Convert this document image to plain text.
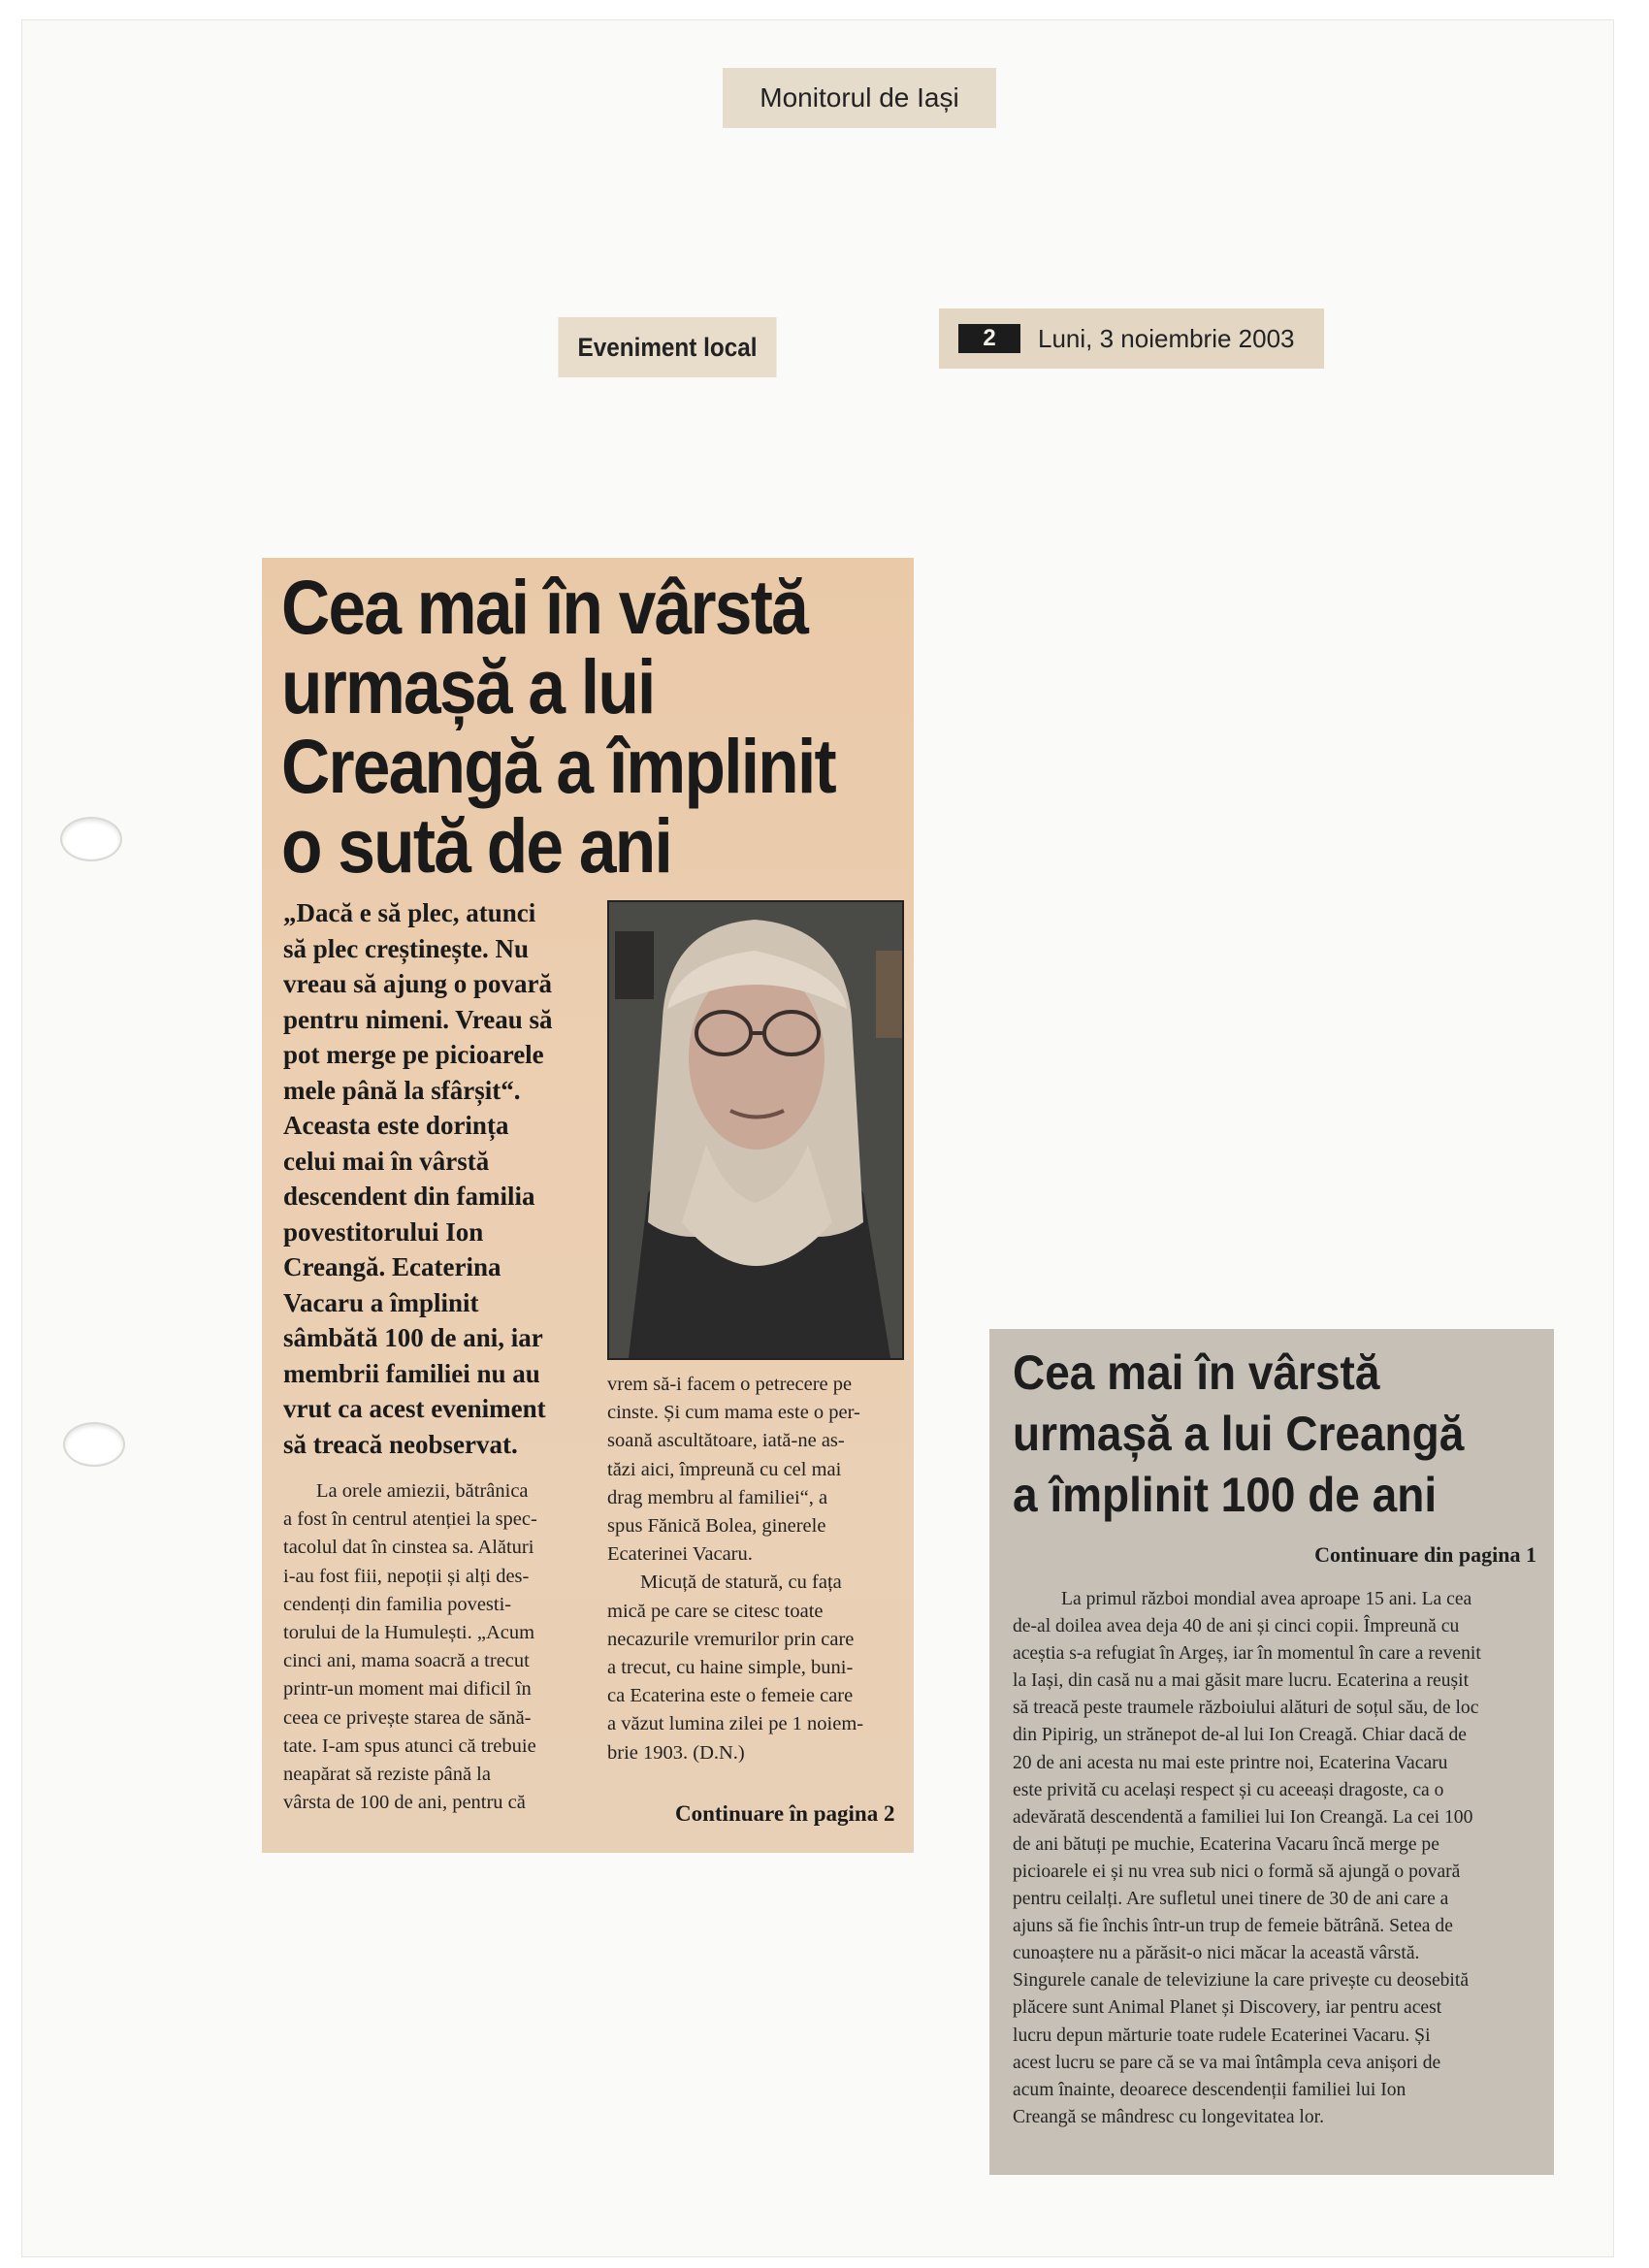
Monitorul de Iași
Eveniment local	2	Luni, 3 noiembrie 2003
Cea mai în vârstă
urmașă a lui
Creangă a împlinit
o sută de ani
„Dacă e să plec, atunci
să plec creștinește. Nu
vreau să ajung o povară
pentru nimeni. Vreau să
pot merge pe picioarele
mele până la sfârșit“.
Aceasta este dorința
celui mai în vârstă
descendent din familia
povestitorului Ion
Creangă. Ecaterina
Vacaru a împlinit
sâmbătă 100 de ani, iar
membrii familiei nu au
vrut ca acest eveniment
să treacă neobservat.
La orele amiezii, bătrânica
a fost în centrul atenției la spec-
tacolul dat în cinstea sa. Alături
i-au fost fiii, nepoții și alți des-
cendenți din familia povesti-
torului de la Humulești. „Acum
cinci ani, mama soacră a trecut
printr-un moment mai dificil în
ceea ce privește starea de sănă-
tate. I-am spus atunci că trebuie
neapărat să reziste până la
vârsta de 100 de ani, pentru că
vrem să-i facem o petrecere pe
cinste. Și cum mama este o per-
soană ascultătoare, iată-ne as-
tăzi aici, împreună cu cel mai
drag membru al familiei“, a
spus Fănică Bolea, ginerele
Ecaterinei Vacaru.
Micuță de statură, cu fața
mică pe care se citesc toate
necazurile vremurilor prin care
a trecut, cu haine simple, buni-
ca Ecaterina este o femeie care
a văzut lumina zilei pe 1 noiem-
brie 1903. (D.N.)
Continuare în pagina 2
Cea mai în vârstă
urmașă a lui Creangă
a împlinit 100 de ani
Continuare din pagina 1
La primul război mondial avea aproape 15 ani. La cea
de-al doilea avea deja 40 de ani și cinci copii. Împreună cu
aceștia s-a refugiat în Argeș, iar în momentul în care a revenit
la Iași, din casă nu a mai găsit mare lucru. Ecaterina a reușit
să treacă peste traumele războiului alături de soțul său, de loc
din Pipirig, un strănepot de-al lui Ion Creagă. Chiar dacă de
20 de ani acesta nu mai este printre noi, Ecaterina Vacaru
este privită cu același respect și cu aceeași dragoste, ca o
adevărată descendentă a familiei lui Ion Creangă. La cei 100
de ani bătuți pe muchie, Ecaterina Vacaru încă merge pe
picioarele ei și nu vrea sub nici o formă să ajungă o povară
pentru ceilalți. Are sufletul unei tinere de 30 de ani care a
ajuns să fie închis într-un trup de femeie bătrână. Setea de
cunoaștere nu a părăsit-o nici măcar la această vârstă.
Singurele canale de televiziune la care privește cu deosebită
plăcere sunt Animal Planet și Discovery, iar pentru acest
lucru depun mărturie toate rudele Ecaterinei Vacaru. Și
acest lucru se pare că se va mai întâmpla ceva anișori de
acum înainte, deoarece descendenții familiei lui Ion
Creangă se mândresc cu longevitatea lor.
